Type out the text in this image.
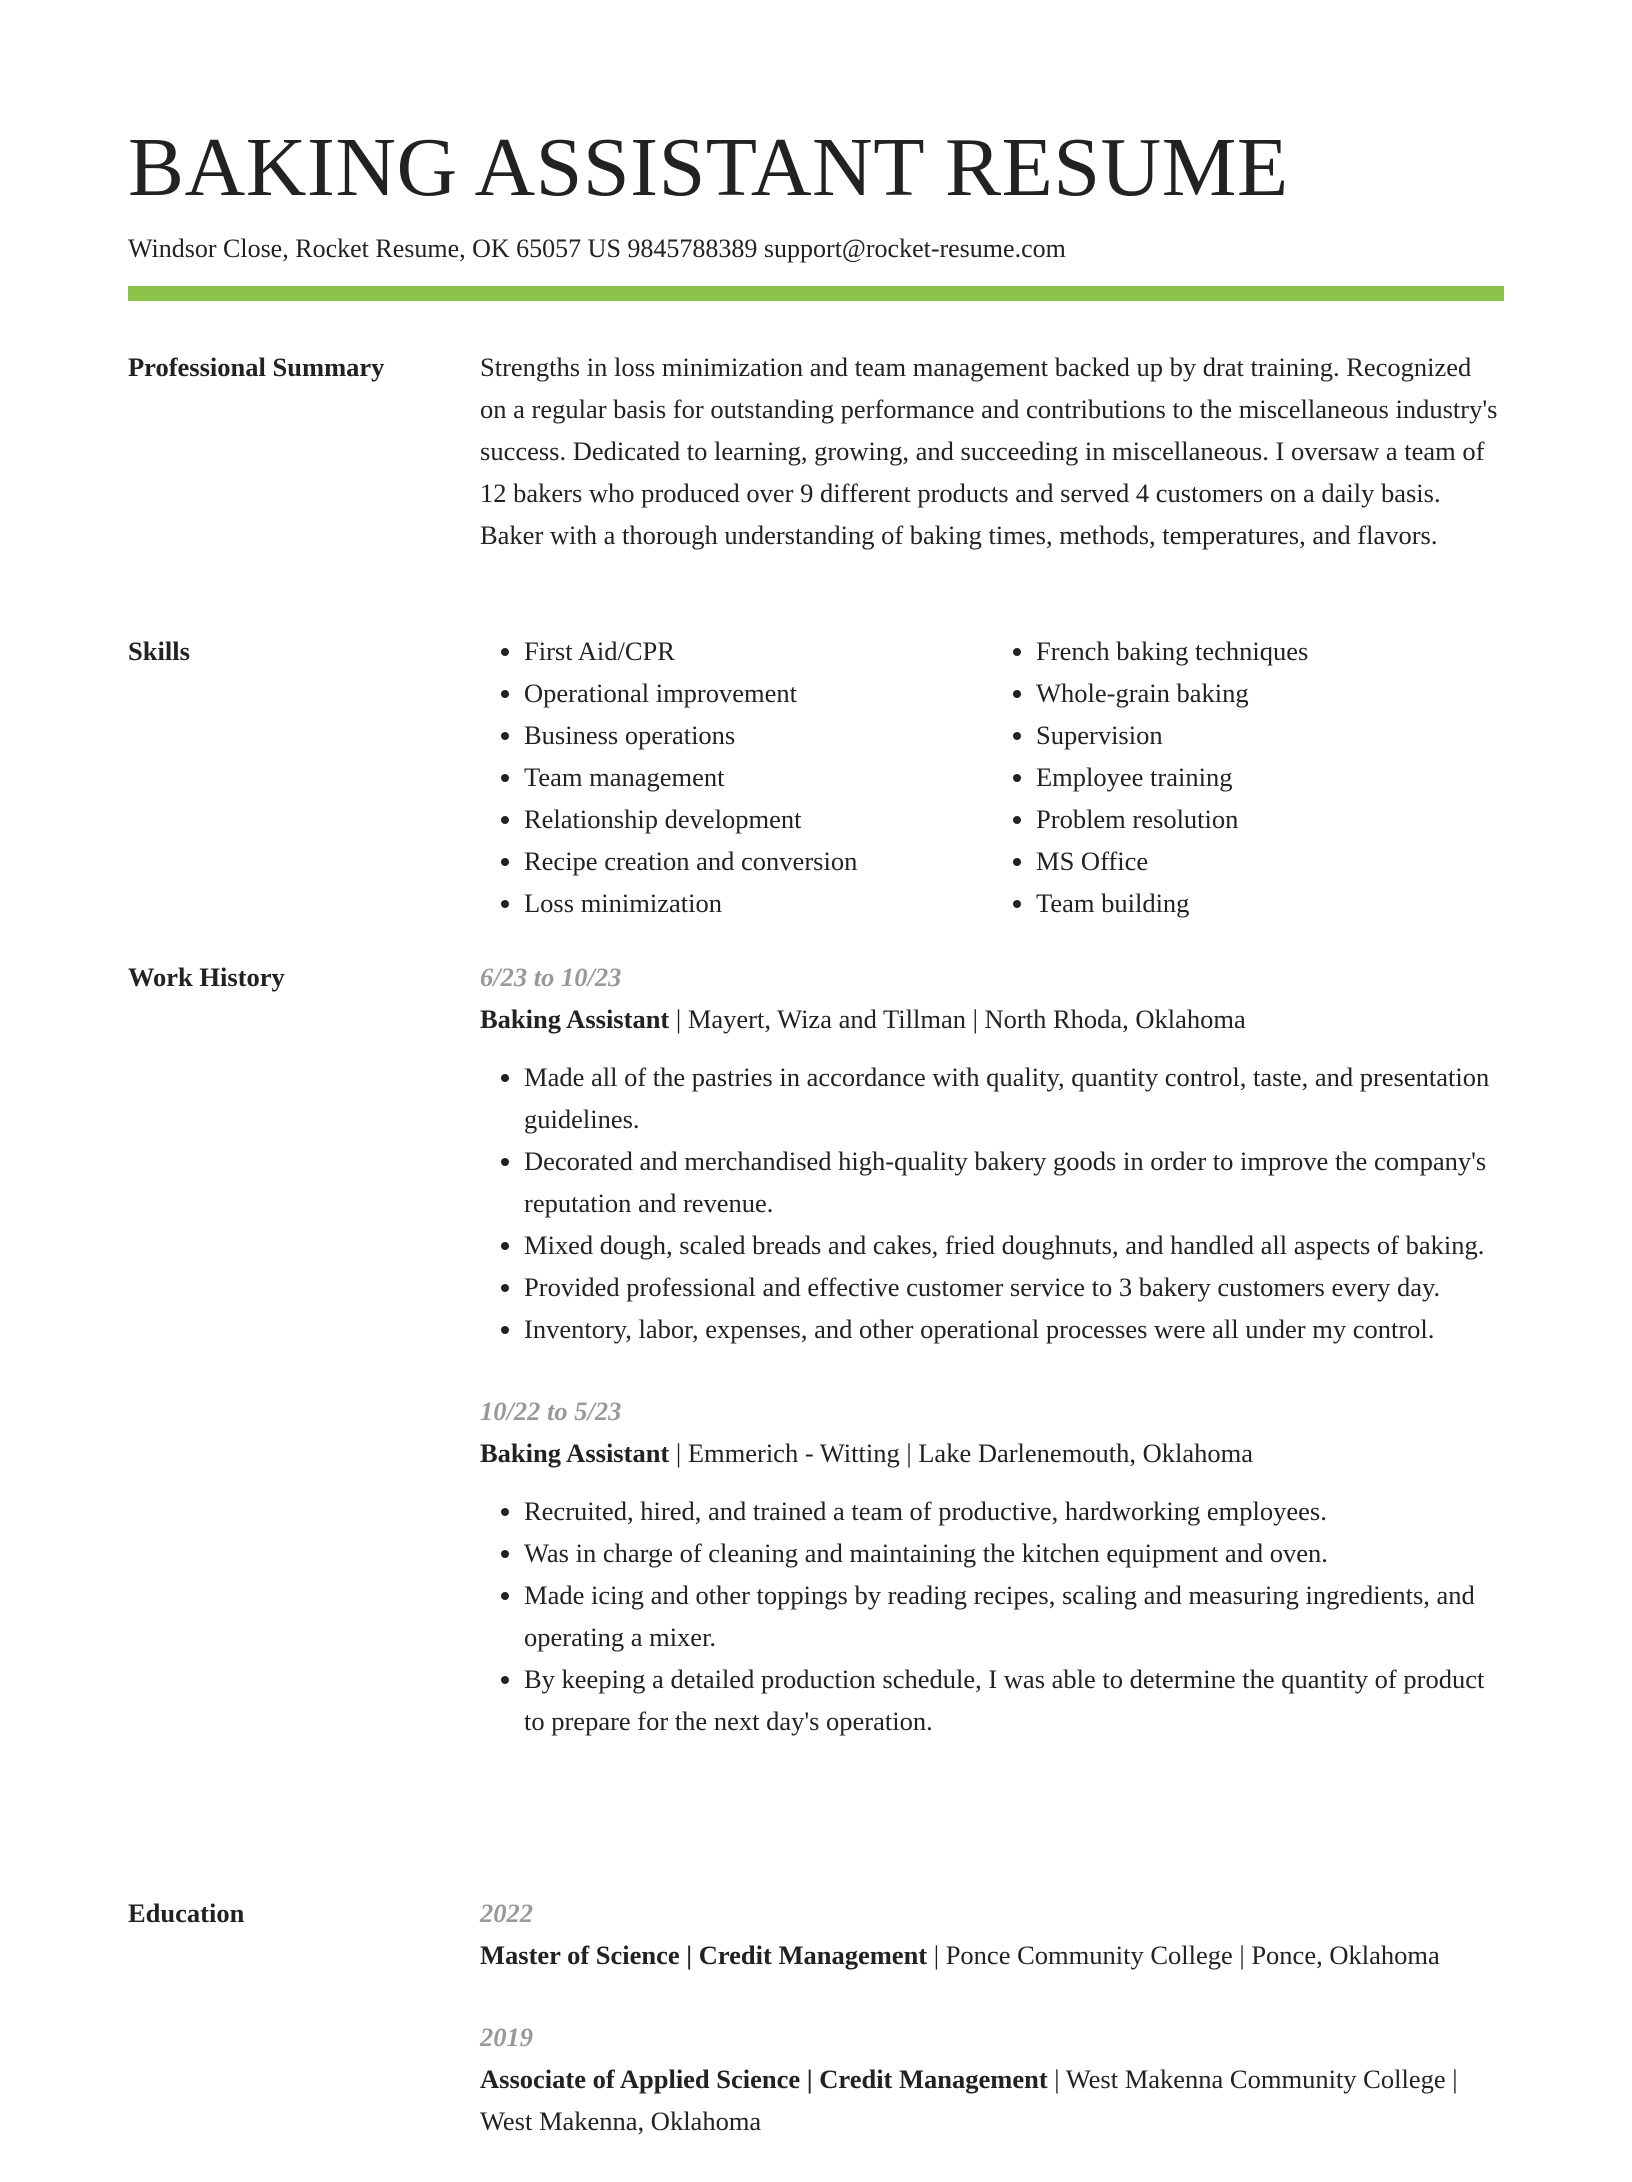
BAKING ASSISTANT RESUME
Windsor Close, Rocket Resume, OK 65057 US 9845788389 support@rocket-resume.com
Professional Summary	Strengths in loss minimization and team management backed up by drat training. Recognized on a regular basis for outstanding performance and contributions to the miscellaneous industry's success. Dedicated to learning, growing, and succeeding in miscellaneous. I oversaw a team of 12 bakers who produced over 9 different products and served 4 customers on a daily basis. Baker with a thorough understanding of baking times, methods, temperatures, and flavors.

Skills
•	First Aid/CPR
• Operational improvement
• Business operations
• Team management
• Relationship development
• Recipe creation and conversion
• Loss minimization
• French baking techniques
• Whole-grain baking
• Supervision
• Employee training
• Problem resolution
• MS Office
• Team building
Work History	6/23 to 10/23
Baking Assistant | Mayert, Wiza and Tillman | North Rhoda, Oklahoma
• Made all of the pastries in accordance with quality, quantity control, taste, and presentation guidelines.
• Decorated and merchandised high-quality bakery goods in order to improve the company's reputation and revenue.
• Mixed dough, scaled breads and cakes, fried doughnuts, and handled all aspects of baking.
• Provided professional and effective customer service to 3 bakery customers every day.
• Inventory, labor, expenses, and other operational processes were all under my control.
10/22 to 5/23
Baking Assistant | Emmerich - Witting | Lake Darlenemouth, Oklahoma
• Recruited, hired, and trained a team of productive, hardworking employees.
• Was in charge of cleaning and maintaining the kitchen equipment and oven.
• Made icing and other toppings by reading recipes, scaling and measuring ingredients, and operating a mixer.
• By keeping a detailed production schedule, I was able to determine the quantity of product to prepare for the next day's operation.
Education	2022
Master of Science | Credit Management | Ponce Community College | Ponce, Oklahoma
2019
Associate of Applied Science | Credit Management | West Makenna Community College | West Makenna, Oklahoma
